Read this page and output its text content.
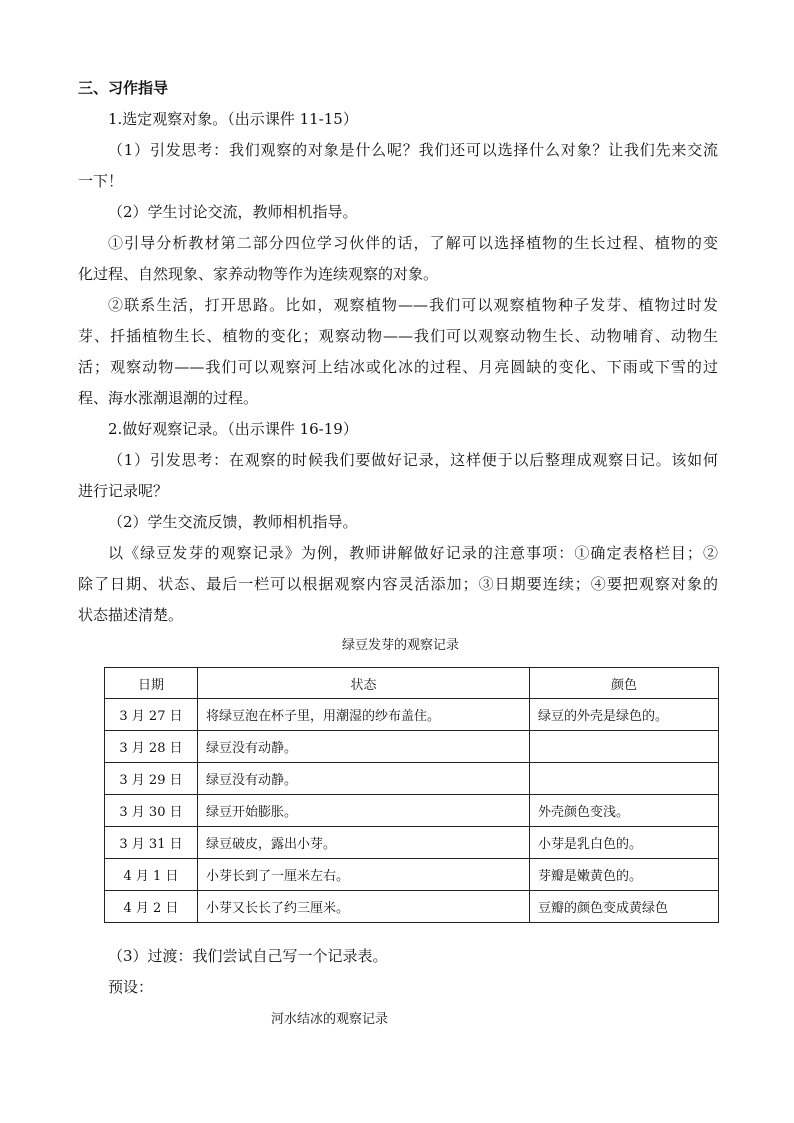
三、习作指导
1.选定观察对象。（出示课件 11-15）
（1）引发思考：我们观察的对象是什么呢？我们还可以选择什么对象？让我们先来交流
一下！
（2）学生讨论交流，教师相机指导。
①引导分析教材第二部分四位学习伙伴的话，了解可以选择植物的生长过程、植物的变
化过程、自然现象、家养动物等作为连续观察的对象。
②联系生活，打开思路。比如，观察植物——我们可以观察植物种子发芽、植物过时发
芽、扦插植物生长、植物的变化；观察动物——我们可以观察动物生长、动物哺育、动物生
活；观察动物——我们可以观察河上结冰或化冰的过程、月亮圆缺的变化、下雨或下雪的过
程、海水涨潮退潮的过程。
2.做好观察记录。（出示课件 16-19）
（1）引发思考：在观察的时候我们要做好记录，这样便于以后整理成观察日记。该如何
进行记录呢？
（2）学生交流反馈，教师相机指导。
以《绿豆发芽的观察记录》为例，教师讲解做好记录的注意事项：①确定表格栏目；②
除了日期、状态、最后一栏可以根据观察内容灵活添加；③日期要连续；④要把观察对象的
状态描述清楚。
绿豆发芽的观察记录
日期	状态	颜色
3 月 27 日	将绿豆泡在杯子里，用潮湿的纱布盖住。	绿豆的外壳是绿色的。
3 月 28 日	绿豆没有动静。	
3 月 29 日	绿豆没有动静。	
3 月 30 日	绿豆开始膨胀。	外壳颜色变浅。
3 月 31 日	绿豆破皮，露出小芽。	小芽是乳白色的。
4 月 1 日	小芽长到了一厘米左右。	芽瓣是嫩黄色的。
4 月 2 日	小芽又长长了约三厘米。	豆瓣的颜色变成黄绿色
（3）过渡：我们尝试自己写一个记录表。
预设：
河水结冰的观察记录
